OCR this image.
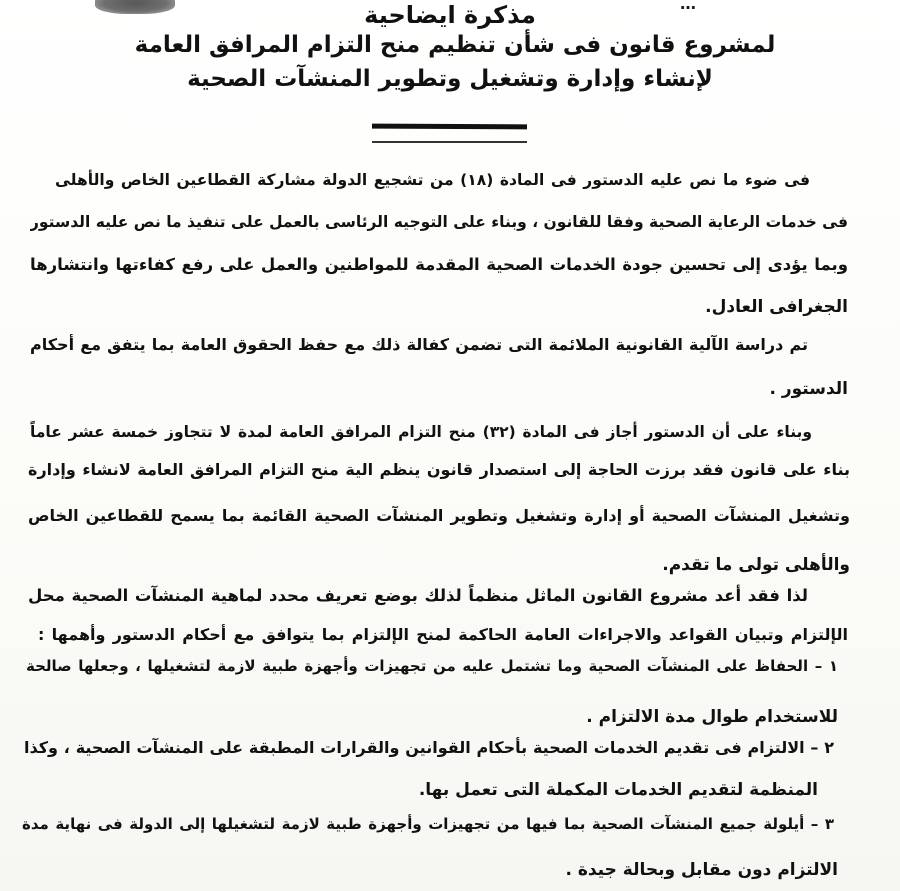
…
مذكرة ايضاحية
لمشروع قانون فى شأن تنظيم منح التزام المرافق العامة
لإنشاء وإدارة وتشغيل وتطوير المنشآت الصحية
فى ضوء ما نص عليه الدستور فى المادة (١٨) من تشجيع الدولة مشاركة القطاعين الخاص والأهلى
فى خدمات الرعاية الصحية وفقا للقانون ، وبناء على التوجيه الرئاسى بالعمل على تنفيذ ما نص عليه الدستور
وبما يؤدى إلى تحسين جودة الخدمات الصحية المقدمة للمواطنين والعمل على رفع كفاءتها وانتشارها
الجغرافى العادل.
تم دراسة الآلية القانونية الملائمة التى تضمن كفالة ذلك مع حفظ الحقوق العامة بما يتفق مع أحكام
الدستور .
وبناء على أن الدستور أجاز فى المادة (٣٢) منح التزام المرافق العامة لمدة لا تتجاوز خمسة عشر عاماً
بناء على قانون فقد برزت الحاجة إلى استصدار قانون ينظم الية منح التزام المرافق العامة لانشاء وإدارة
وتشغيل المنشآت الصحية أو إدارة وتشغيل وتطوير المنشآت الصحية القائمة بما يسمح للقطاعين الخاص
والأهلى تولى ما تقدم.
لذا فقد أعد مشروع القانون الماثل منظماً لذلك بوضع تعريف محدد لماهية المنشآت الصحية محل
الإلتزام وتبيان القواعد والاجراءات العامة الحاكمة لمنح الإلتزام بما يتوافق مع أحكام الدستور وأهمها :
١ – الحفاظ على المنشآت الصحية وما تشتمل عليه من تجهيزات وأجهزة طبية لازمة لتشغيلها ، وجعلها صالحة
للاستخدام طوال مدة الالتزام .
٢ – الالتزام فى تقديم الخدمات الصحية بأحكام القوانين والقرارات المطبقة على المنشآت الصحية ، وكذا
المنظمة لتقديم الخدمات المكملة التى تعمل بها.
٣ – أيلولة جميع المنشآت الصحية بما فيها من تجهيزات وأجهزة طبية لازمة لتشغيلها إلى الدولة فى نهاية مدة
الالتزام دون مقابل وبحالة جيدة .
